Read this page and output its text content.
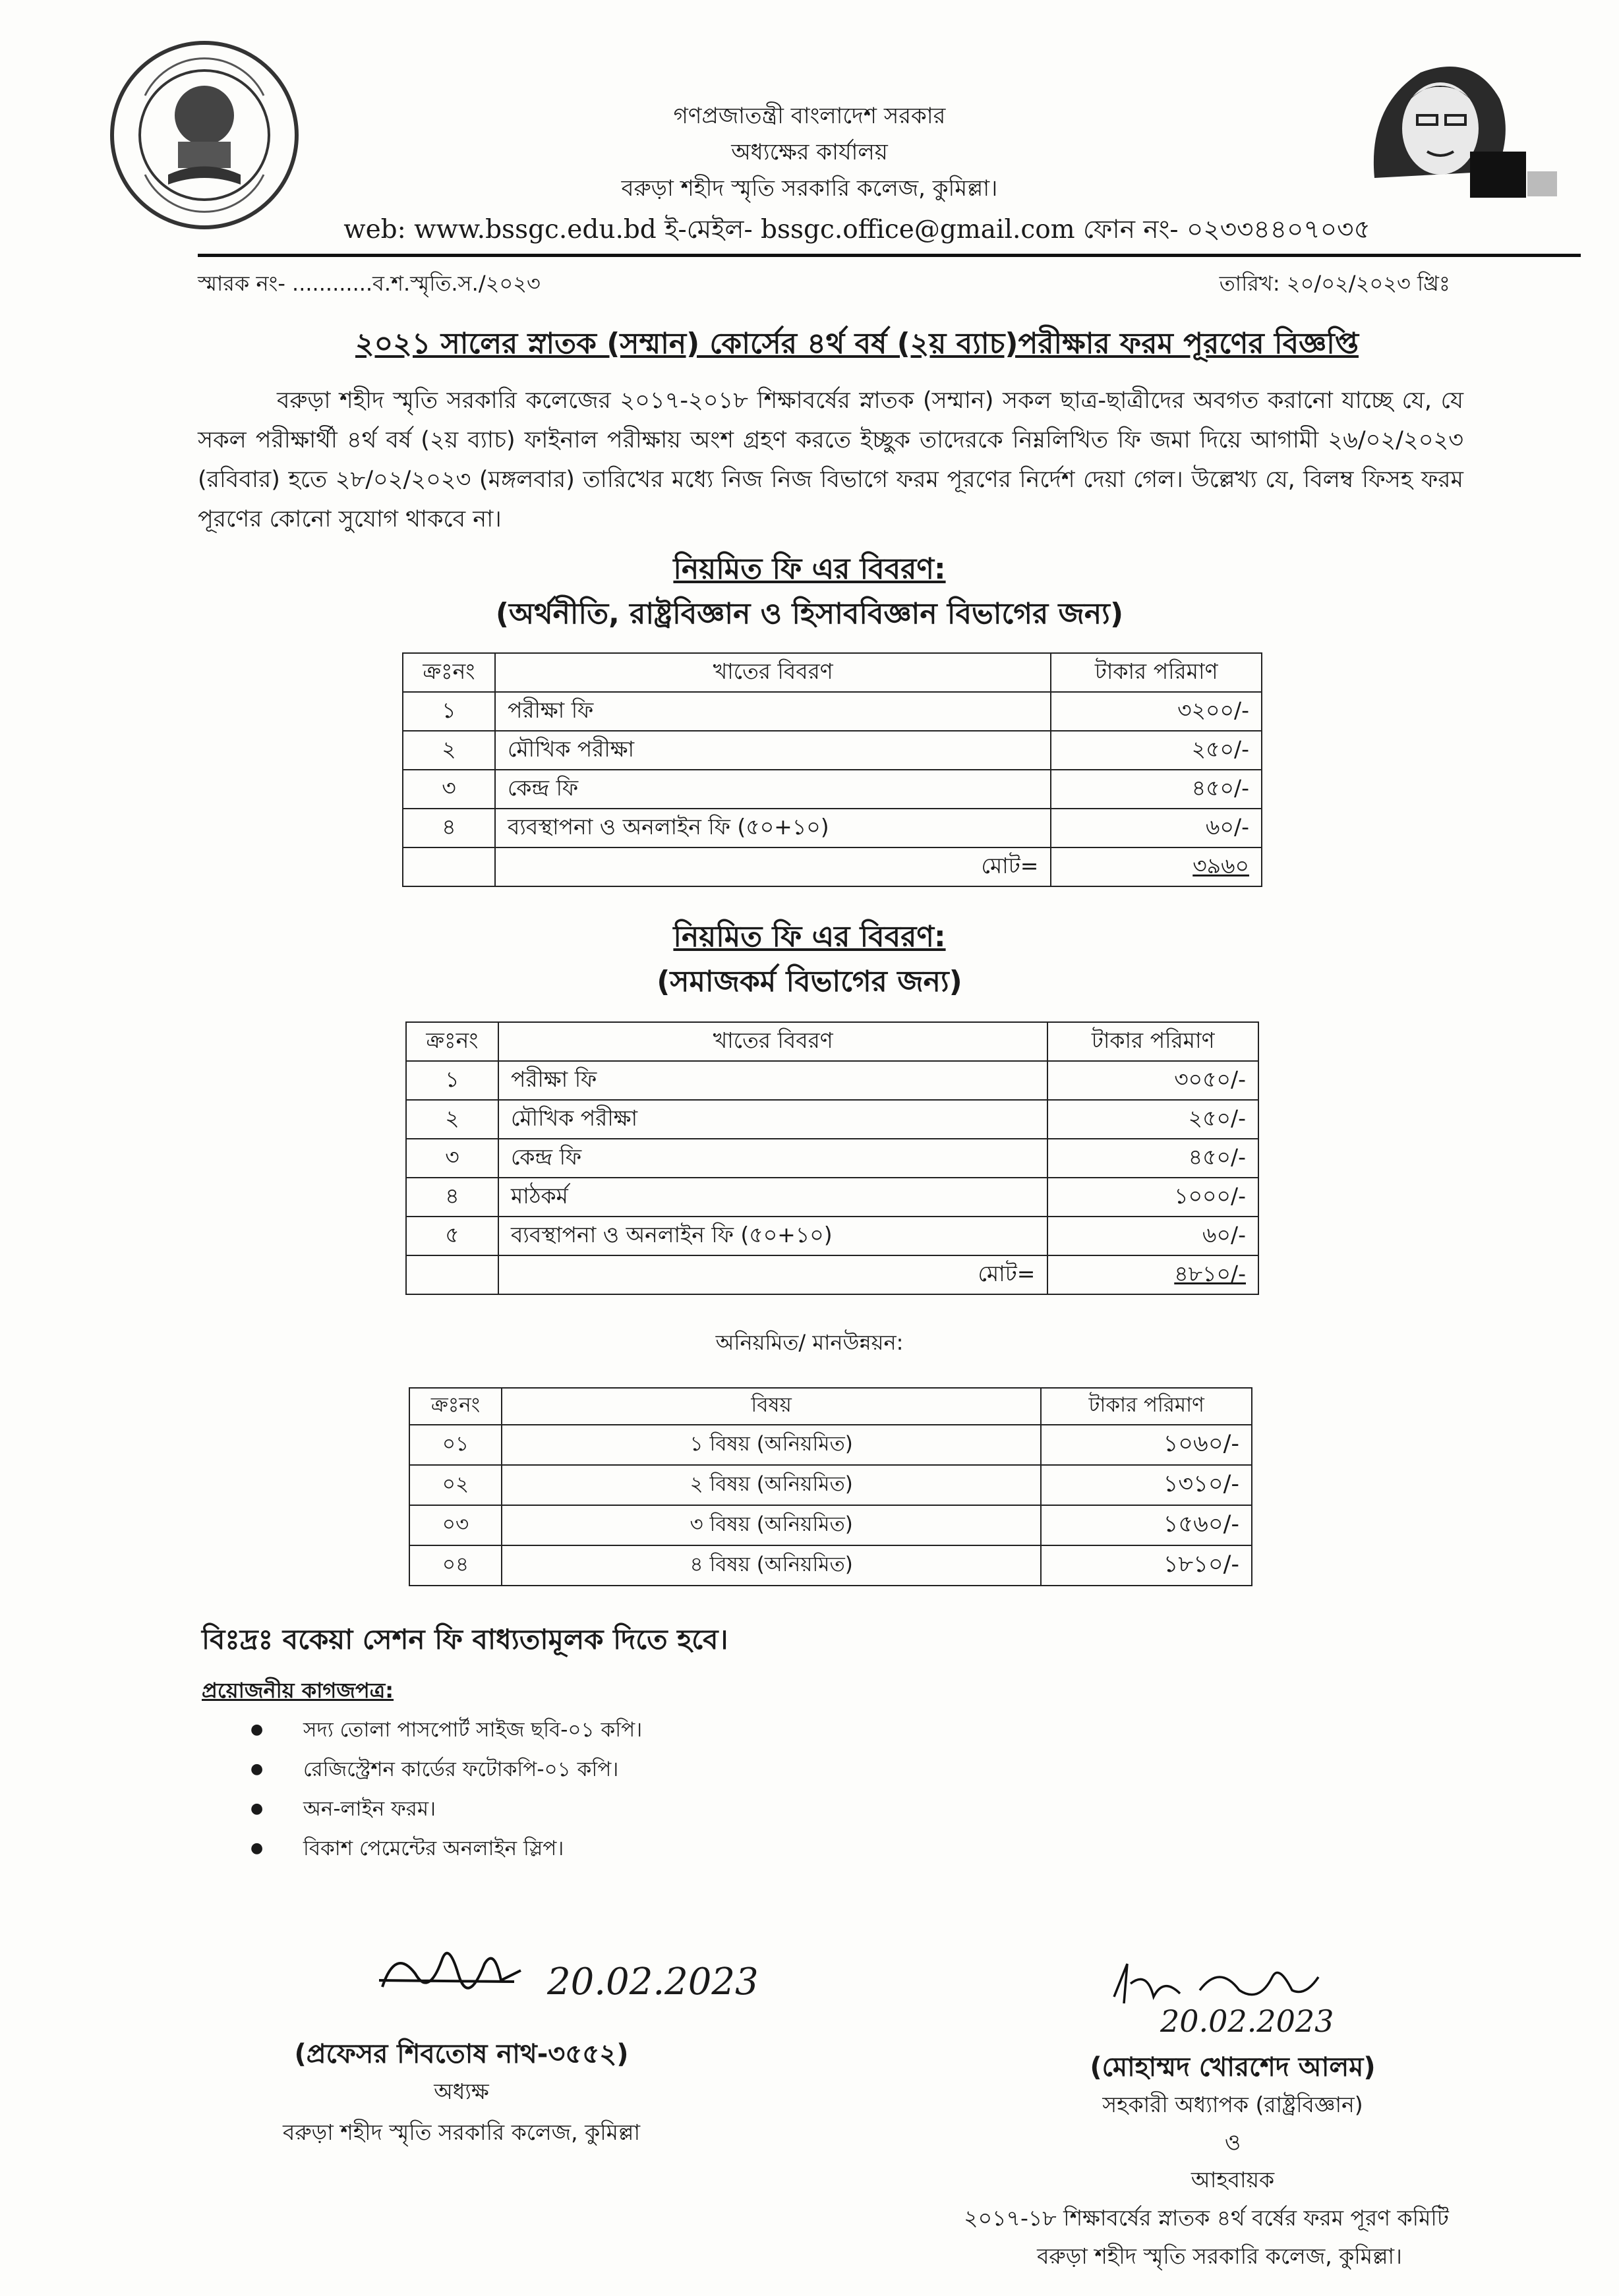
গণপ্রজাতন্ত্রী বাংলাদেশ সরকার
অধ্যক্ষের কার্যালয়
বরুড়া শহীদ স্মৃতি সরকারি কলেজ, কুমিল্লা।
web: www.bssgc.edu.bd ই-মেইল- bssgc.office@gmail.com ফোন নং- ০২৩৩৪৪০৭০৩৫
স্মারক নং- ............ব.শ.স্মৃতি.স./২০২৩	তারিখ: ২০/০২/২০২৩ খ্রিঃ
২০২১ সালের স্নাতক (সম্মান) কোর্সের ৪র্থ বর্ষ (২য় ব্যাচ)পরীক্ষার ফরম পূরণের বিজ্ঞপ্তি
বরুড়া শহীদ স্মৃতি সরকারি কলেজের ২০১৭-২০১৮ শিক্ষাবর্ষের স্নাতক (সম্মান) সকল ছাত্র-ছাত্রীদের অবগত করানো যাচ্ছে যে, যে সকল পরীক্ষার্থী ৪র্থ বর্ষ (২য় ব্যাচ) ফাইনাল পরীক্ষায় অংশ গ্রহণ করতে ইচ্ছুক তাদেরকে নিম্নলিখিত ফি জমা দিয়ে আগামী ২৬/০২/২০২৩ (রবিবার) হতে ২৮/০২/২০২৩ (মঙ্গলবার) তারিখের মধ্যে নিজ নিজ বিভাগে ফরম পূরণের নির্দেশ দেয়া গেল। উল্লেখ্য যে, বিলম্ব ফিসহ ফরম পূরণের কোনো সুযোগ থাকবে না।
নিয়মিত ফি এর বিবরণ:
(অর্থনীতি, রাষ্ট্রবিজ্ঞান ও হিসাববিজ্ঞান বিভাগের জন্য)
ক্রঃনং	খাতের বিবরণ	টাকার পরিমাণ
১	পরীক্ষা ফি	৩২০০/-
২	মৌখিক পরীক্ষা	২৫০/-
৩	কেন্দ্র ফি	৪৫০/-
৪	ব্যবস্থাপনা ও অনলাইন ফি (৫০+১০)	৬০/-
	মোট=	৩৯৬০
নিয়মিত ফি এর বিবরণ:
(সমাজকর্ম বিভাগের জন্য)
ক্রঃনং	খাতের বিবরণ	টাকার পরিমাণ
১	পরীক্ষা ফি	৩০৫০/-
২	মৌখিক পরীক্ষা	২৫০/-
৩	কেন্দ্র ফি	৪৫০/-
৪	মাঠকর্ম	১০০০/-
৫	ব্যবস্থাপনা ও অনলাইন ফি (৫০+১০)	৬০/-
	মোট=	৪৮১০/-
অনিয়মিত/ মানউন্নয়ন:
ক্রঃনং	বিষয়	টাকার পরিমাণ
০১	১ বিষয় (অনিয়মিত)	১০৬০/-
০২	২ বিষয় (অনিয়মিত)	১৩১০/-
০৩	৩ বিষয় (অনিয়মিত)	১৫৬০/-
০৪	৪ বিষয় (অনিয়মিত)	১৮১০/-
বিঃদ্রঃ বকেয়া সেশন ফি বাধ্যতামূলক দিতে হবে।
প্রয়োজনীয় কাগজপত্র:
● সদ্য তোলা পাসপোর্ট সাইজ ছবি-০১ কপি।
● রেজিস্ট্রেশন কার্ডের ফটোকপি-০১ কপি।
● অন-লাইন ফরম।
● বিকাশ পেমেন্টের অনলাইন স্লিপ।
20.02.2023
(প্রফেসর শিবতোষ নাথ-৩৫৫২)
অধ্যক্ষ
বরুড়া শহীদ স্মৃতি সরকারি কলেজ, কুমিল্লা
20.02.2023
(মোহাম্মদ খোরশেদ আলম)
সহকারী অধ্যাপক (রাষ্ট্রবিজ্ঞান)
ও
আহবায়ক
২০১৭-১৮ শিক্ষাবর্ষের স্নাতক ৪র্থ বর্ষের ফরম পূরণ কমিটি
বরুড়া শহীদ স্মৃতি সরকারি কলেজ, কুমিল্লা।
